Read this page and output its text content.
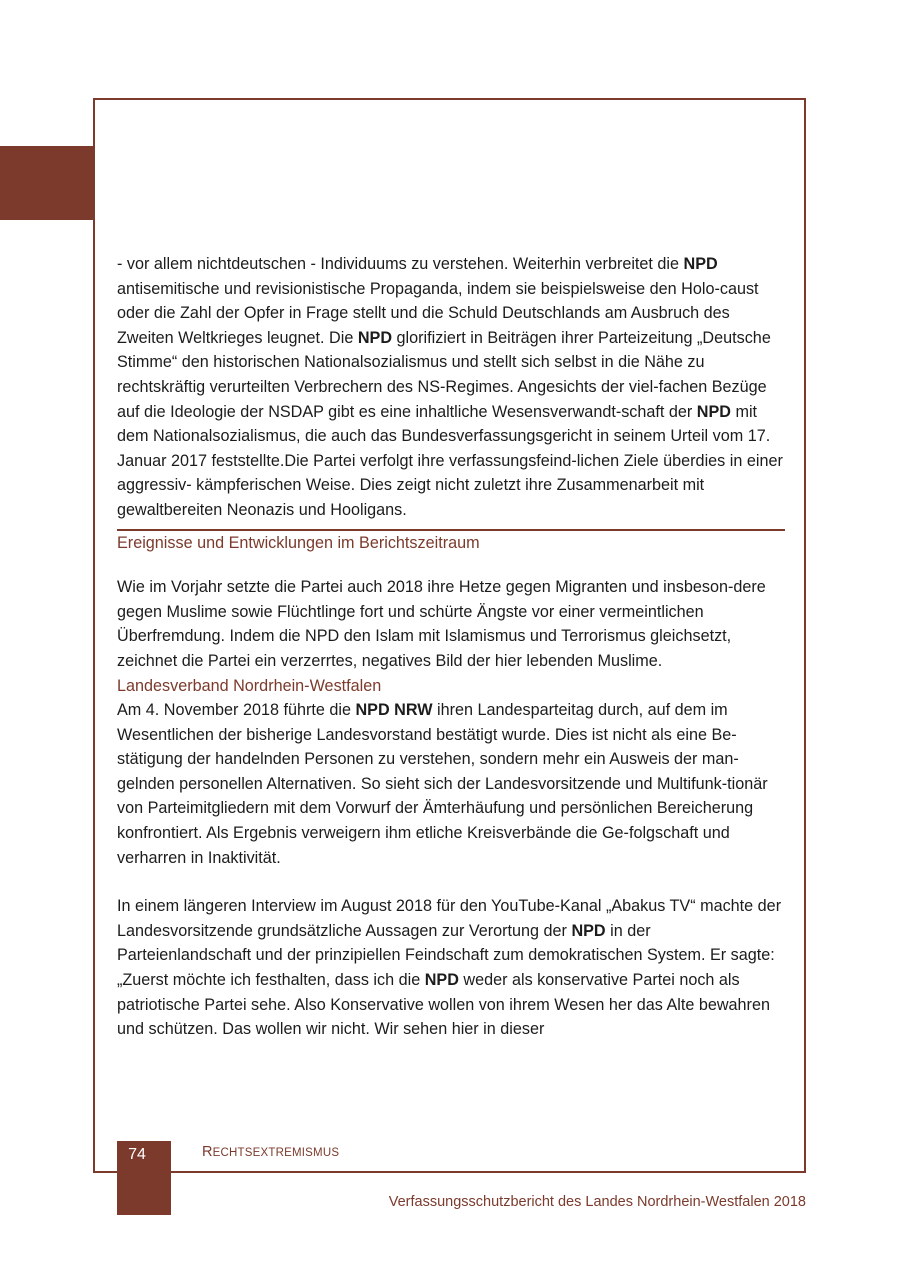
- vor allem nichtdeutschen - Individuums zu verstehen. Weiterhin verbreitet die NPD antisemitische und revisionistische Propaganda, indem sie beispielsweise den Holo-caust oder die Zahl der Opfer in Frage stellt und die Schuld Deutschlands am Ausbruch des Zweiten Weltkrieges leugnet. Die NPD glorifiziert in Beiträgen ihrer Parteizeitung „Deutsche Stimme“ den historischen Nationalsozialismus und stellt sich selbst in die Nähe zu rechtskräftig verurteilten Verbrechern des NS-Regimes. Angesichts der viel-fachen Bezüge auf die Ideologie der NSDAP gibt es eine inhaltliche Wesensverwandt-schaft der NPD mit dem Nationalsozialismus, die auch das Bundesverfassungsgericht in seinem Urteil vom 17. Januar 2017 feststellte.Die Partei verfolgt ihre verfassungsfeind-lichen Ziele überdies in einer aggressiv- kämpferischen Weise. Dies zeigt nicht zuletzt ihre Zusammenarbeit mit gewaltbereiten Neonazis und Hooligans.

Ereignisse und Entwicklungen im Berichtszeitraum

Wie im Vorjahr setzte die Partei auch 2018 ihre Hetze gegen Migranten und insbeson-dere gegen Muslime sowie Flüchtlinge fort und schürte Ängste vor einer vermeintlichen Überfremdung. Indem die NPD den Islam mit Islamismus und Terrorismus gleichsetzt, zeichnet die Partei ein verzerrtes, negatives Bild der hier lebenden Muslime.

Landesverband Nordrhein-Westfalen

Am 4. November 2018 führte die NPD NRW ihren Landesparteitag durch, auf dem im Wesentlichen der bisherige Landesvorstand bestätigt wurde. Dies ist nicht als eine Be-stätigung der handelnden Personen zu verstehen, sondern mehr ein Ausweis der man-gelnden personellen Alternativen. So sieht sich der Landesvorsitzende und Multifunk-tionär von Parteimitgliedern mit dem Vorwurf der Ämterhäufung und persönlichen Bereicherung konfrontiert. Als Ergebnis verweigern ihm etliche Kreisverbände die Ge-folgschaft und verharren in Inaktivität.

In einem längeren Interview im August 2018 für den YouTube-Kanal „Abakus TV“ machte der Landesvorsitzende grundsätzliche Aussagen zur Verortung der NPD in der Parteienlandschaft und der prinzipiellen Feindschaft zum demokratischen System. Er sagte: „Zuerst möchte ich festhalten, dass ich die NPD weder als konservative Partei noch als patriotische Partei sehe. Also Konservative wollen von ihrem Wesen her das Alte bewahren und schützen. Das wollen wir nicht. Wir sehen hier in dieser

74	RECHTSEXTREMISMUS
Verfassungsschutzbericht des Landes Nordrhein-Westfalen 2018
